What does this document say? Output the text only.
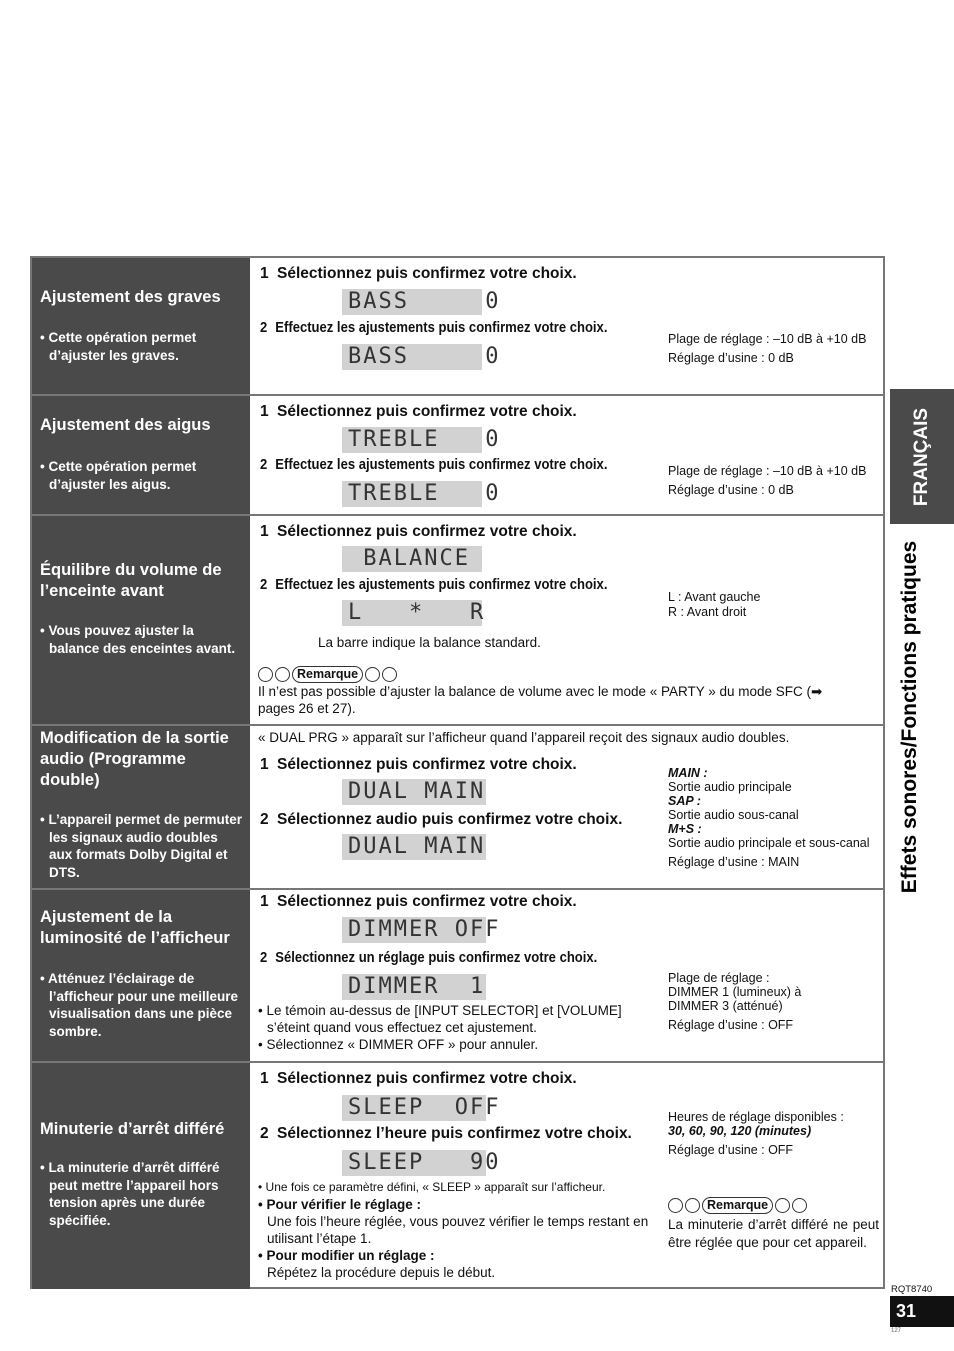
Ajustement des graves
• Cette opération permet d’ajuster les graves.
1 Sélectionnez puis confirmez votre choix.
BASS     0
2 Effectuez les ajustements puis confirmez votre choix.
BASS     0
Plage de réglage : –10 dB à +10 dB
Réglage d’usine : 0 dB
Ajustement des aigus
• Cette opération permet d’ajuster les aigus.
1 Sélectionnez puis confirmez votre choix.
TREBLE   0
2 Effectuez les ajustements puis confirmez votre choix.
TREBLE   0
Plage de réglage : –10 dB à +10 dB
Réglage d’usine : 0 dB
Équilibre du volume de l’enceinte avant
• Vous pouvez ajuster la balance des enceintes avant.
1 Sélectionnez puis confirmez votre choix.
BALANCE
2 Effectuez les ajustements puis confirmez votre choix.
L   *   R
La barre indique la balance standard.
L : Avant gauche
R : Avant droit
Remarque
Il n’est pas possible d’ajuster la balance de volume avec le mode « PARTY » du mode SFC (➡ pages 26 et 27).
Modification de la sortie audio (Programme double)
• L’appareil permet de permuter les signaux audio doubles aux formats Dolby Digital et DTS.
« DUAL PRG » apparaît sur l’afficheur quand l’appareil reçoit des signaux audio doubles.
1 Sélectionnez puis confirmez votre choix.
DUAL MAIN
2 Sélectionnez audio puis confirmez votre choix.
DUAL MAIN
MAIN :
Sortie audio principale
SAP :
Sortie audio sous-canal
M+S :
Sortie audio principale et sous-canal
Réglage d’usine : MAIN
Ajustement de la luminosité de l’afficheur
• Atténuez l’éclairage de l’afficheur pour une meilleure visualisation dans une pièce sombre.
1 Sélectionnez puis confirmez votre choix.
DIMMER OFF
2 Sélectionnez un réglage puis confirmez votre choix.
DIMMER  1
• Le témoin au-dessus de [INPUT SELECTOR] et [VOLUME] s’éteint quand vous effectuez cet ajustement.
• Sélectionnez « DIMMER OFF » pour annuler.
Plage de réglage :
DIMMER 1 (lumineux) à
DIMMER 3 (atténué)
Réglage d’usine : OFF
Minuterie d’arrêt différé
• La minuterie d’arrêt différé peut mettre l’appareil hors tension après une durée spécifiée.
1 Sélectionnez puis confirmez votre choix.
SLEEP  OFF
2 Sélectionnez l’heure puis confirmez votre choix.
SLEEP   90
• Une fois ce paramètre défini, « SLEEP » apparaît sur l’afficheur.
• Pour vérifier le réglage :
Une fois l’heure réglée, vous pouvez vérifier le temps restant en utilisant l’étape 1.
• Pour modifier un réglage :
Répétez la procédure depuis le début.
Heures de réglage disponibles :
30, 60, 90, 120 (minutes)
Réglage d’usine : OFF
Remarque
La minuterie d’arrêt différé ne peut être réglée que pour cet appareil.
FRANÇAIS
Effets sonores/Fonctions pratiques
RQT8740
31
127
